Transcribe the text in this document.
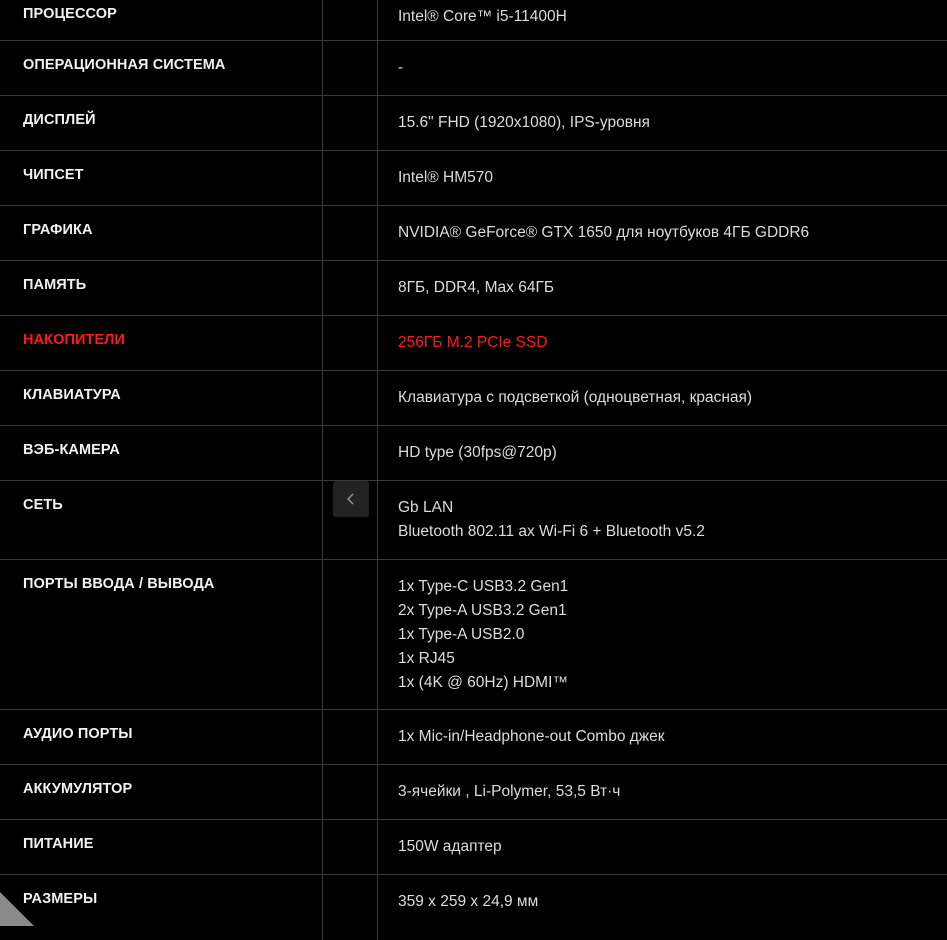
ПРОЦЕССОР	Intel® Core™ i5-11400H
ОПЕРАЦИОННАЯ СИСТЕМА	-
ДИСПЛЕЙ	15.6" FHD (1920x1080), IPS-уровня
ЧИПСЕТ	Intel® HM570
ГРАФИКА	NVIDIA® GeForce® GTX 1650 для ноутбуков 4ГБ GDDR6
ПАМЯТЬ	8ГБ, DDR4, Max 64ГБ
НАКОПИТЕЛИ	256ГБ M.2 PCIe SSD
КЛАВИАТУРА	Клавиатура с подсветкой (одноцветная, красная)
ВЭБ-КАМЕРА	HD type (30fps@720p)
СЕТЬ	Gb LAN
Bluetooth 802.11 ax Wi-Fi 6 + Bluetooth v5.2
ПОРТЫ ВВОДА / ВЫВОДА	1x Type-C USB3.2 Gen1
2x Type-A USB3.2 Gen1
1x Type-A USB2.0
1x RJ45
1x (4K @ 60Hz) HDMI™
АУДИО ПОРТЫ	1x Mic-in/Headphone-out Combo джек
АККУМУЛЯТОР	3-ячейки , Li-Polymer, 53,5 Вт·ч
ПИТАНИЕ	150W адаптер
РАЗМЕРЫ	359 x 259 x 24,9 мм
